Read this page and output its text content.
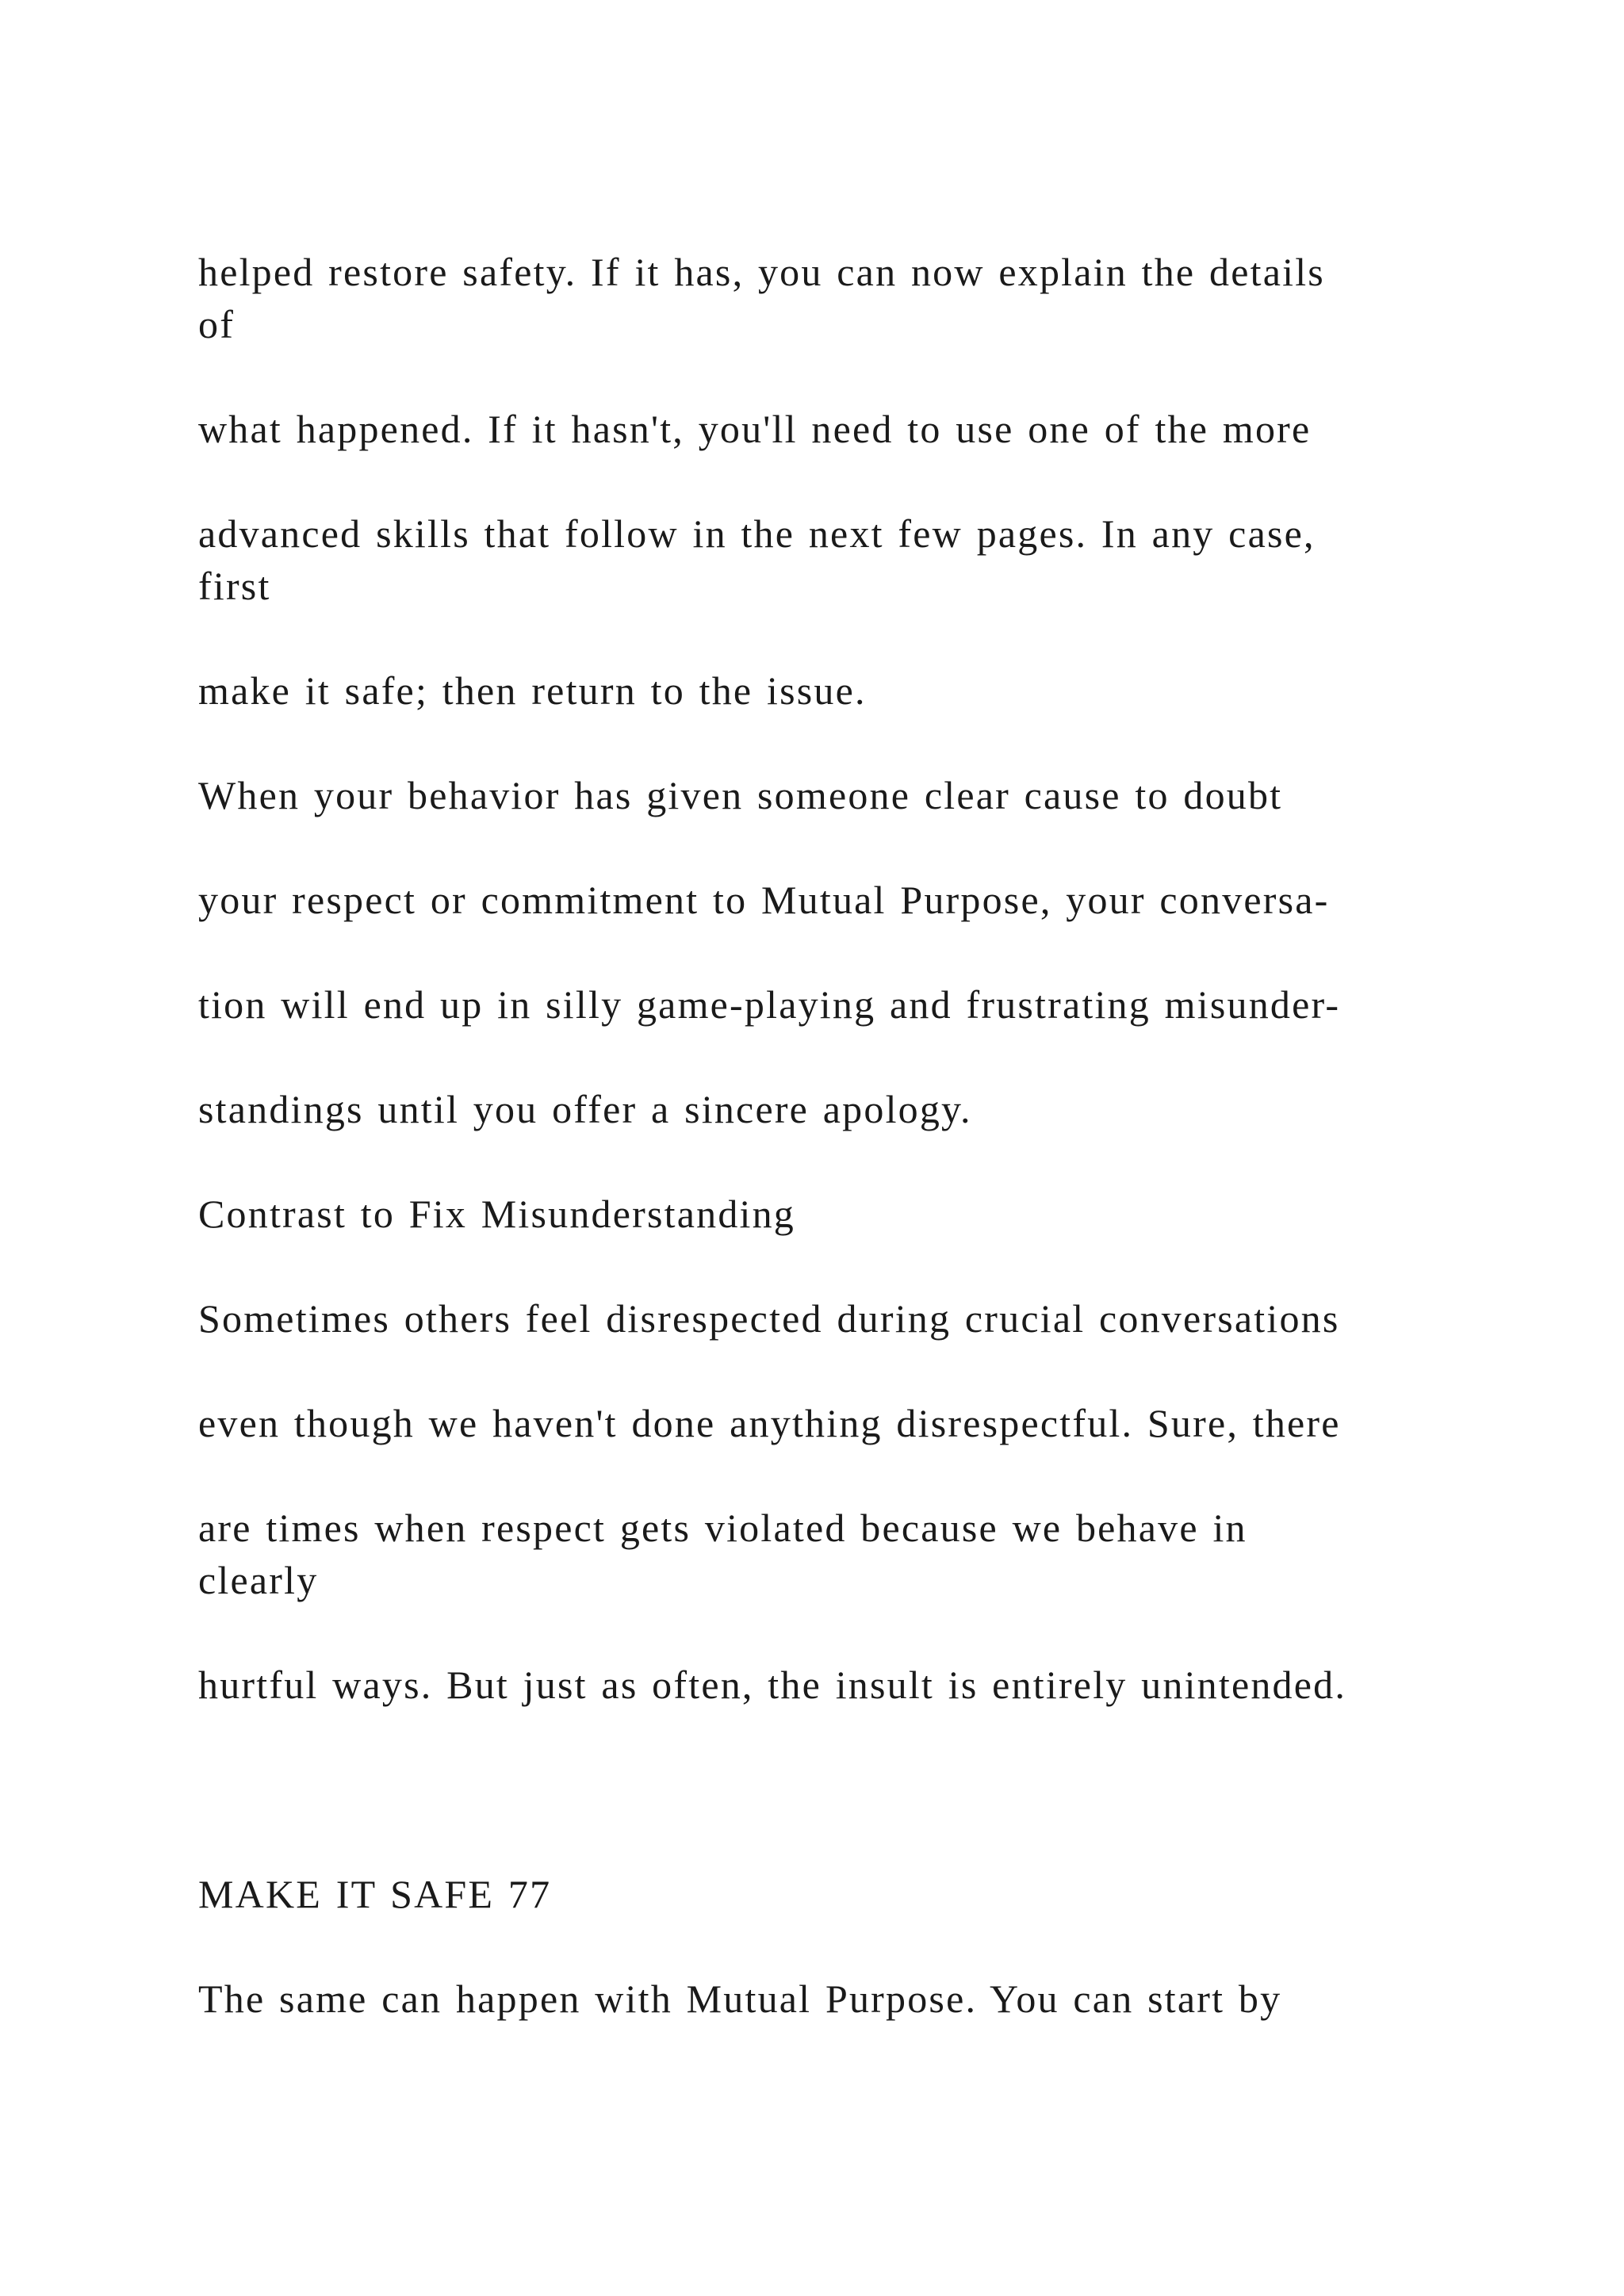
helped restore safety. If it has, you can now explain the details
of

what happened. If it hasn't, you'll need to use one of the more

advanced skills that follow in the next few pages. In any case,
first

make it safe; then return to the issue.

When your behavior has given someone clear cause to doubt

your respect or commitment to Mutual Purpose, your conversa-

tion will end up in silly game-playing and frustrating misunder-

standings until you offer a sincere apology.

Contrast to Fix Misunderstanding

Sometimes others feel disrespected during crucial conversations

even though we haven't done anything disrespectful. Sure, there

are times when respect gets violated because we behave in
clearly

hurtful ways. But just as often, the insult is entirely unintended.

MAKE IT SAFE 77

The same can happen with Mutual Purpose. You can start by
